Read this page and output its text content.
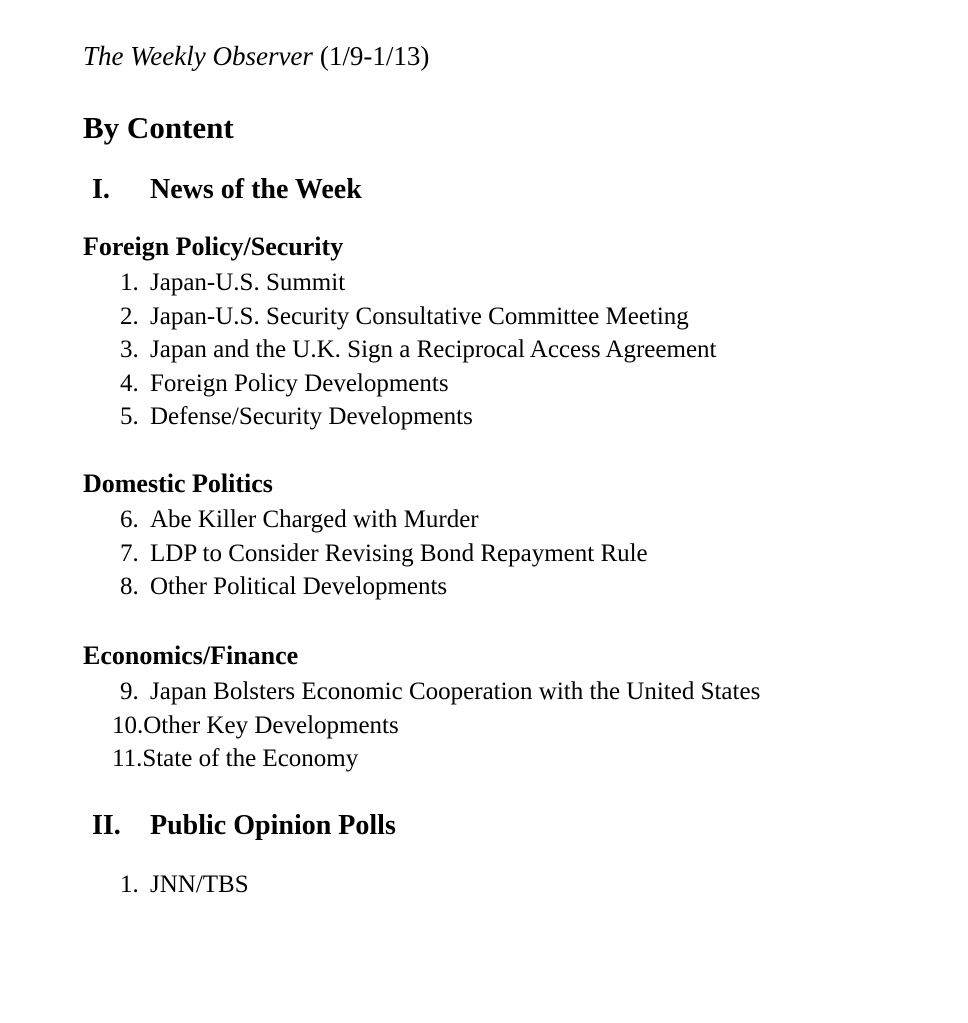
The Weekly Observer (1/9-1/13)
By Content
I.	News of the Week
Foreign Policy/Security
1. Japan-U.S. Summit
2. Japan-U.S. Security Consultative Committee Meeting
3. Japan and the U.K. Sign a Reciprocal Access Agreement
4. Foreign Policy Developments
5. Defense/Security Developments
Domestic Politics
6. Abe Killer Charged with Murder
7. LDP to Consider Revising Bond Repayment Rule
8. Other Political Developments
Economics/Finance
9. Japan Bolsters Economic Cooperation with the United States
10. Other Key Developments
11. State of the Economy
II.	Public Opinion Polls
1. JNN/TBS
